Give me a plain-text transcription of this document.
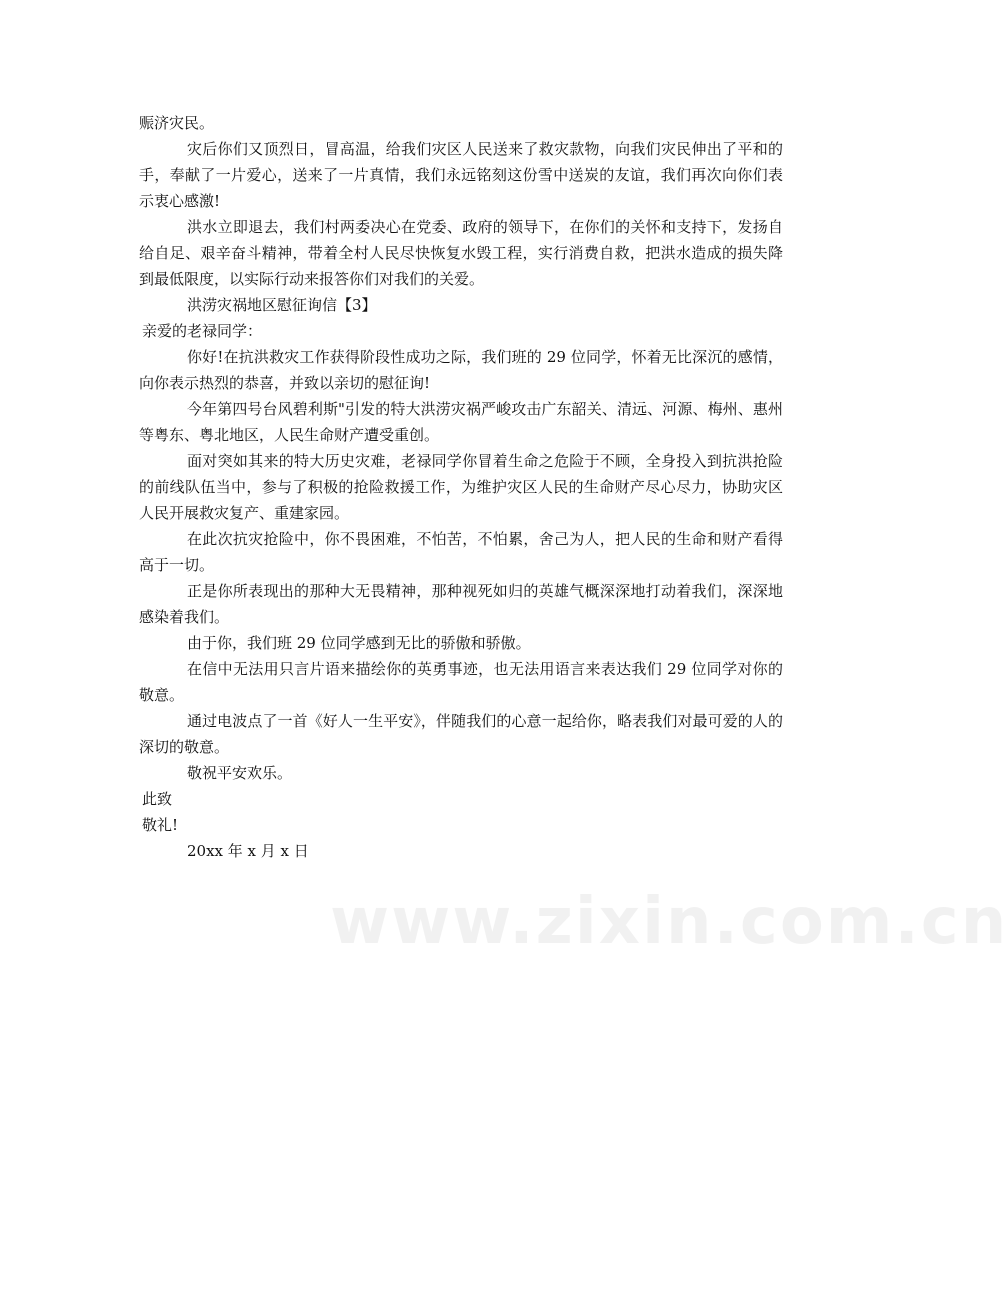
赈济灾民。

灾后你们又顶烈日，冒高温，给我们灾区人民送来了救灾款物，向我们灾民伸出了平和的手，奉献了一片爱心，送来了一片真情，我们永远铭刻这份雪中送炭的友谊，我们再次向你们表示衷心感激!

洪水立即退去，我们村两委决心在党委、政府的领导下，在你们的关怀和支持下，发扬自给自足、艰辛奋斗精神，带着全村人民尽快恢复水毁工程，实行消费自救，把洪水造成的损失降到最低限度，以实际行动来报答你们对我们的关爱。

洪涝灾祸地区慰征询信【3】

亲爱的老禄同学：

你好!在抗洪救灾工作获得阶段性成功之际，我们班的 29 位同学，怀着无比深沉的感情，向你表示热烈的恭喜，并致以亲切的慰征询!

今年第四号台风碧利斯"引发的特大洪涝灾祸严峻攻击广东韶关、清远、河源、梅州、惠州等粤东、粤北地区，人民生命财产遭受重创。

面对突如其来的特大历史灾难，老禄同学你冒着生命之危险于不顾，全身投入到抗洪抢险的前线队伍当中，参与了积极的抢险救援工作，为维护灾区人民的生命财产尽心尽力，协助灾区人民开展救灾复产、重建家园。

在此次抗灾抢险中，你不畏困难，不怕苦，不怕累，舍己为人，把人民的生命和财产看得高于一切。

正是你所表现出的那种大无畏精神，那种视死如归的英雄气概深深地打动着我们，深深地感染着我们。

由于你，我们班 29 位同学感到无比的骄傲和骄傲。

在信中无法用只言片语来描绘你的英勇事迹，也无法用语言来表达我们 29 位同学对你的敬意。

通过电波点了一首《好人一生平安》，伴随我们的心意一起给你，略表我们对最可爱的人的深切的敬意。

敬祝平安欢乐。

此致

敬礼!

20xx 年 x 月 x 日

www.zixin.com.cn
